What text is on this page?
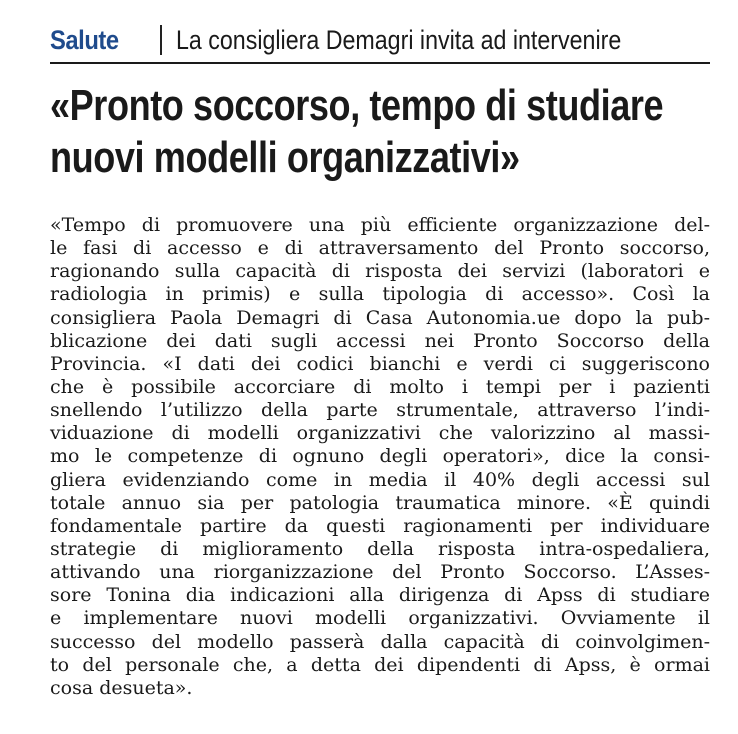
Salute	La consigliera Demagri invita ad intervenire
«Pronto soccorso, tempo di studiare
nuovi modelli organizzativi»
«Tempo di promuovere una più efficiente organizzazione del-
le fasi di accesso e di attraversamento del Pronto soccorso,
ragionando sulla capacità di risposta dei servizi (laboratori e
radiologia in primis) e sulla tipologia di accesso». Così la
consigliera Paola Demagri di Casa Autonomia.ue dopo la pub-
blicazione dei dati sugli accessi nei Pronto Soccorso della
Provincia. «I dati dei codici bianchi e verdi ci suggeriscono
che è possibile accorciare di molto i tempi per i pazienti
snellendo l’utilizzo della parte strumentale, attraverso l’indi-
viduazione di modelli organizzativi che valorizzino al massi-
mo le competenze di ognuno degli operatori», dice la consi-
gliera evidenziando come in media il 40% degli accessi sul
totale annuo sia per patologia traumatica minore. «È quindi
fondamentale partire da questi ragionamenti per individuare
strategie di miglioramento della risposta intra-ospedaliera,
attivando una riorganizzazione del Pronto Soccorso. L’Asses-
sore Tonina dia indicazioni alla dirigenza di Apss di studiare
e implementare nuovi modelli organizzativi. Ovviamente il
successo del modello passerà dalla capacità di coinvolgimen-
to del personale che, a detta dei dipendenti di Apss, è ormai
cosa desueta».
